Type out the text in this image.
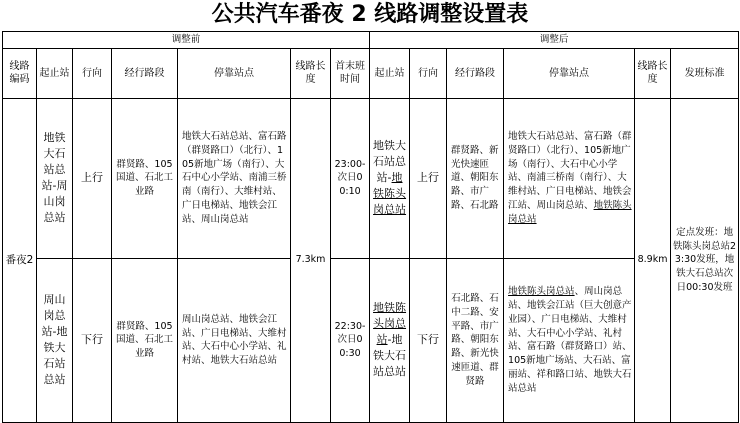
公共汽车番夜 2 线路调整设置表
调整前							调整后					
线路编码	起止站	行向	经行路段	停靠站点	线路长度	首末班时间	起止站	行向	经行路段	停靠站点	线路长度	发班标准
番夜2	地铁大石站总站-周山岗总站	上行	群贤路、105国道、石北工业路	地铁大石站总站、富石路（群贤路口）（北行）、105新地广场（南行）、大石中心小学站、南浦三桥南（南行）、大维村站、广日电梯站、地铁会江站、周山岗总站	7.3km	23:00-次日00:10	地铁大石站总站-地铁陈头岗总站	上行	群贤路、新光快速匝道、朝阳东路、市广路、石北路	地铁大石站总站、富石路（群贤路口）（北行）、105新地广场（南行）、大石中心小学站、南浦三桥南（南行）、大维村站、广日电梯站、地铁会江站、周山岗总站、地铁陈头岗总站	8.9km	定点发班：地铁陈头岗总站23:30发班，地铁大石总站次日00:30发班
	周山岗总站-地铁大石站总站	下行	群贤路、105国道、石北工业路	周山岗总站、地铁会江站、广日电梯站、大维村站、大石中心小学站、礼村站、地铁大石站总站		22:30-次日00:30	地铁陈头岗总站-地铁大石站总站	下行	石北路、石中二路、安平路、市广路、朝阳东路、新光快速匝道、群贤路	地铁陈头岗总站、周山岗总站、地铁会江站（巨大创意产业园）、广日电梯站、大维村站、大石中心小学站、礼村站、富石路（群贤路口）站、105新地广场站、大石站、富丽站、祥和路口站、地铁大石站总站		
